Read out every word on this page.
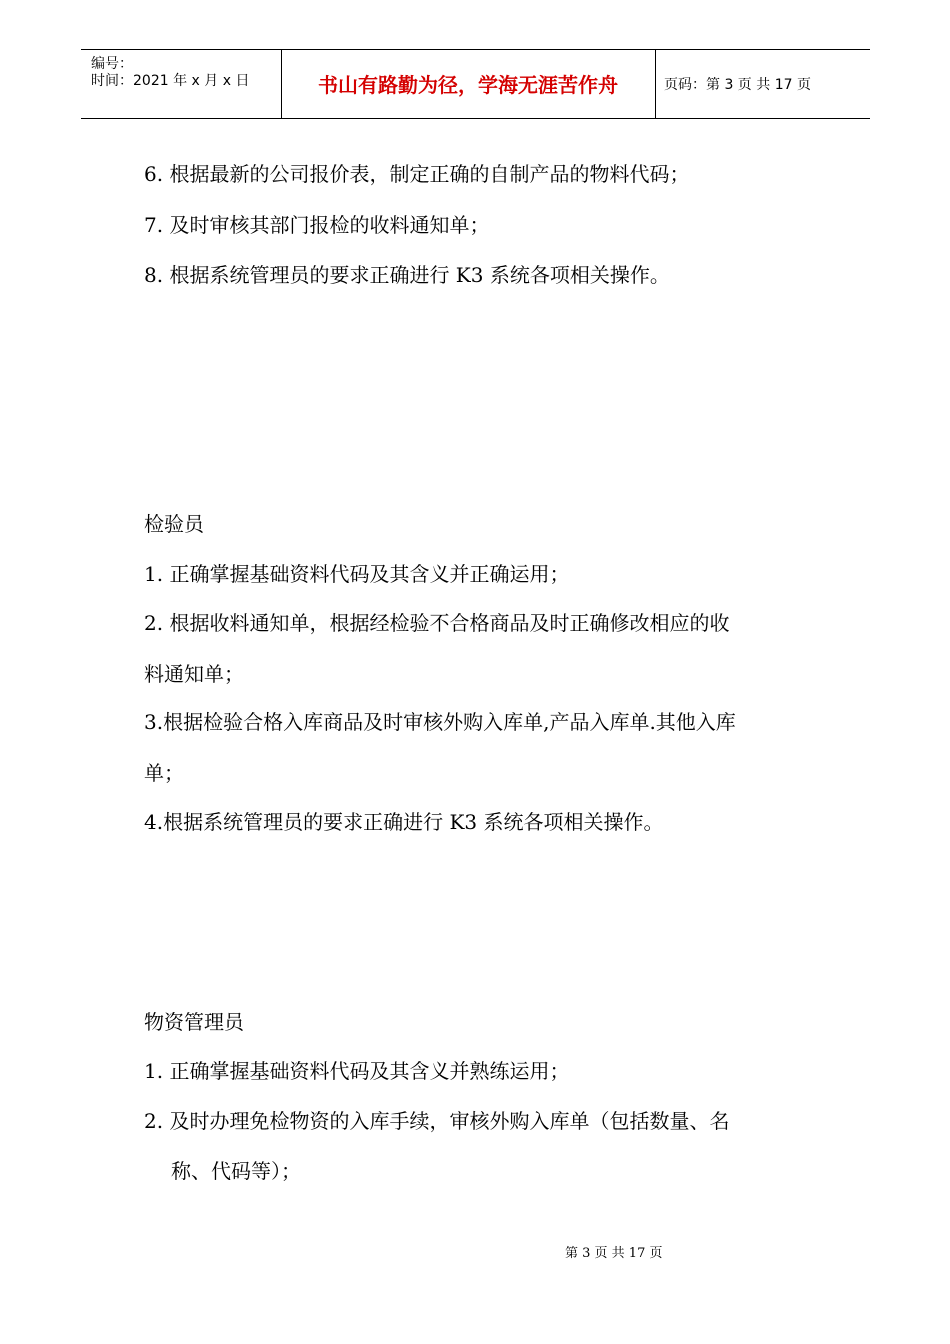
编号：
时间：2021 年 x 月 x 日	书山有路勤为径，学海无涯苦作舟	页码：第 3 页 共 17 页
6. 根据最新的公司报价表，制定正确的自制产品的物料代码；
7. 及时审核其部门报检的收料通知单；
8. 根据系统管理员的要求正确进行 K3 系统各项相关操作。
检验员
1. 正确掌握基础资料代码及其含义并正确运用；
2. 根据收料通知单，根据经检验不合格商品及时正确修改相应的收
料通知单；
3.根据检验合格入库商品及时审核外购入库单,产品入库单.其他入库
单；
4.根据系统管理员的要求正确进行 K3 系统各项相关操作。
物资管理员
1. 正确掌握基础资料代码及其含义并熟练运用；
2. 及时办理免检物资的入库手续，审核外购入库单（包括数量、名
称、代码等）；
第 3 页 共 17 页
